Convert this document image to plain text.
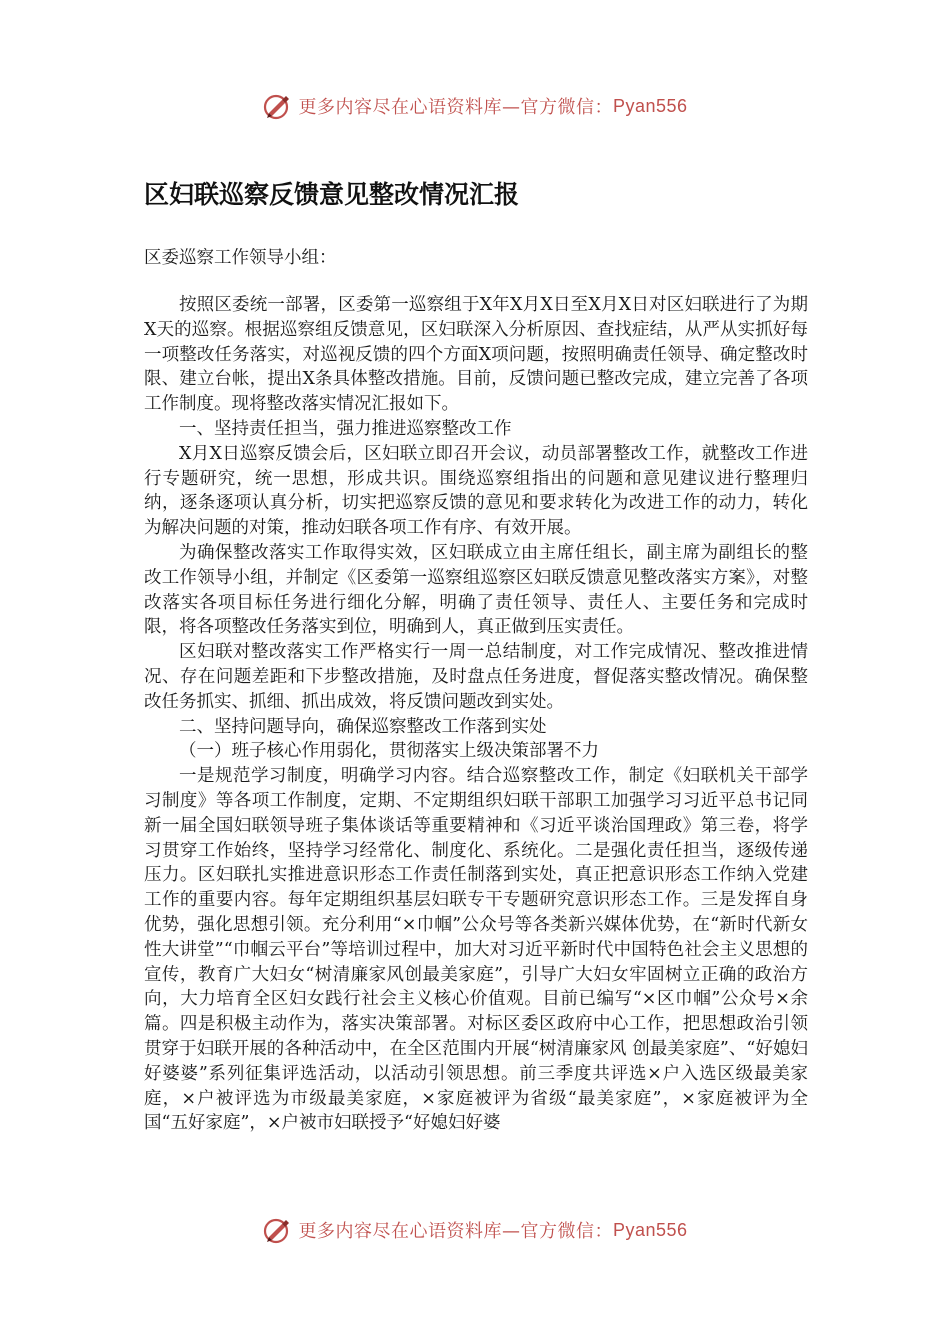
更多内容尽在心语资料库—官方微信： Pyan556
区妇联巡察反馈意见整改情况汇报

区委巡察工作领导小组：

按照区委统一部署，区委第一巡察组于X年X月X日至X月X日对区妇联进行了为期X天的巡察。根据巡察组反馈意见，区妇联深入分析原因、查找症结，从严从实抓好每一项整改任务落实，对巡视反馈的四个方面X项问题，按照明确责任领导、确定整改时限、建立台帐，提出X条具体整改措施。目前，反馈问题已整改完成，建立完善了各项工作制度。现将整改落实情况汇报如下。

一、坚持责任担当，强力推进巡察整改工作

X月X日巡察反馈会后，区妇联立即召开会议，动员部署整改工作，就整改工作进行专题研究，统一思想，形成共识。围绕巡察组指出的问题和意见建议进行整理归纳，逐条逐项认真分析，切实把巡察反馈的意见和要求转化为改进工作的动力，转化为解决问题的对策，推动妇联各项工作有序、有效开展。

为确保整改落实工作取得实效，区妇联成立由主席任组长，副主席为副组长的整改工作领导小组，并制定《区委第一巡察组巡察区妇联反馈意见整改落实方案》，对整改落实各项目标任务进行细化分解，明确了责任领导、责任人、主要任务和完成时限，将各项整改任务落实到位，明确到人，真正做到压实责任。

区妇联对整改落实工作严格实行一周一总结制度，对工作完成情况、整改推进情况、存在问题差距和下步整改措施，及时盘点任务进度，督促落实整改情况。确保整改任务抓实、抓细、抓出成效，将反馈问题改到实处。

二、坚持问题导向，确保巡察整改工作落到实处

（一）班子核心作用弱化，贯彻落实上级决策部署不力

一是规范学习制度，明确学习内容。结合巡察整改工作，制定《妇联机关干部学习制度》等各项工作制度，定期、不定期组织妇联干部职工加强学习习近平总书记同新一届全国妇联领导班子集体谈话等重要精神和《习近平谈治国理政》第三卷，将学习贯穿工作始终，坚持学习经常化、制度化、系统化。二是强化责任担当，逐级传递压力。区妇联扎实推进意识形态工作责任制落到实处，真正把意识形态工作纳入党建工作的重要内容。每年定期组织基层妇联专干专题研究意识形态工作。三是发挥自身优势，强化思想引领。充分利用“×巾帼”公众号等各类新兴媒体优势，在“新时代新女性大讲堂”“巾帼云平台”等培训过程中，加大对习近平新时代中国特色社会主义思想的宣传，教育广大妇女“树清廉家风创最美家庭”，引导广大妇女牢固树立正确的政治方向，大力培育全区妇女践行社会主义核心价值观。目前已编写“×区巾帼”公众号×余篇。四是积极主动作为，落实决策部署。对标区委区政府中心工作，把思想政治引领贯穿于妇联开展的各种活动中，在全区范围内开展“树清廉家风 创最美家庭”、“好媳妇好婆婆”系列征集评选活动，以活动引领思想。前三季度共评选×户入选区级最美家庭，×户被评选为市级最美家庭，×家庭被评为省级“最美家庭”，×家庭被评为全国“五好家庭”，×户被市妇联授予“好媳妇好婆

更多内容尽在心语资料库—官方微信： Pyan556
